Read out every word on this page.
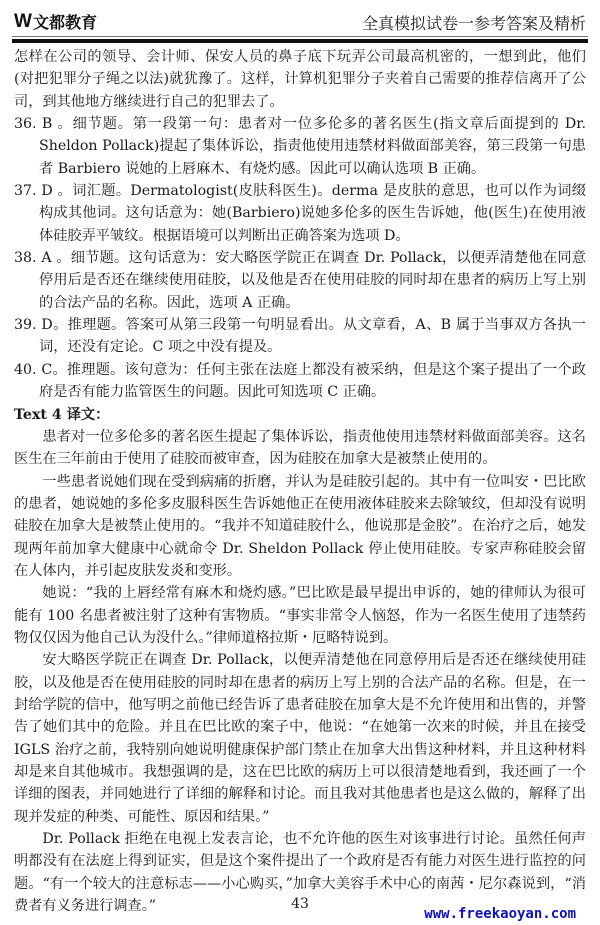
W 文都教育	全真模拟试卷一参考答案及精析

怎样在公司的领导、会计师、保安人员的鼻子底下玩弄公司最高机密的，一想到此，他们(对把犯罪分子绳之以法)就犹豫了。这样，计算机犯罪分子夹着自己需要的推荐信离开了公司，到其他地方继续进行自己的犯罪去了。

36. B 。细节题。第一段第一句：患者对一位多伦多的著名医生(指文章后面提到的 Dr. Sheldon Pollack)提起了集体诉讼，指责他使用违禁材料做面部美容，第三段第一句患者 Barbiero 说她的上唇麻木、有烧灼感。因此可以确认选项 B 正确。

37. D 。词汇题。Dermatologist(皮肤科医生)。derma 是皮肤的意思，也可以作为词缀构成其他词。这句话意为：她(Barbiero)说她多伦多的医生告诉她，他(医生)在使用液体硅胶弄平皱纹。根据语境可以判断出正确答案为选项 D。

38. A 。细节题。这句话意为：安大略医学院正在调查 Dr. Pollack，以便弄清楚他在同意停用后是否还在继续使用硅胶，以及他是否在使用硅胶的同时却在患者的病历上写上别的合法产品的名称。因此，选项 A 正确。

39. D。推理题。答案可从第三段第一句明显看出。从文章看，A、B 属于当事双方各执一词，还没有定论。C 项之中没有提及。

40. C。推理题。该句意为：任何主张在法庭上都没有被采纳，但是这个案子提出了一个政府是否有能力监管医生的问题。因此可知选项 C 正确。

Text 4 译文：

患者对一位多伦多的著名医生提起了集体诉讼，指责他使用违禁材料做面部美容。这名医生在三年前由于使用了硅胶而被审查，因为硅胶在加拿大是被禁止使用的。

一些患者说她们现在受到病痛的折磨，并认为是硅胶引起的。其中有一位叫安・巴比欧的患者，她说她的多伦多皮服科医生告诉她他正在使用液体硅胶来去除皱纹，但却没有说明硅胶在加拿大是被禁止使用的。“我并不知道硅胶什么，他说那是金胶”。在治疗之后，她发现两年前加拿大健康中心就命令 Dr. Sheldon Pollack 停止使用硅胶。专家声称硅胶会留在人体内，并引起皮肤发炎和变形。

她说：“我的上唇经常有麻木和烧灼感。”巴比欧是最早提出申诉的，她的律师认为很可能有 100 名患者被注射了这种有害物质。“事实非常令人恼怒，作为一名医生使用了违禁药物仅仅因为他自己认为没什么。”律师道格拉斯・厄略特说到。

安大略医学院正在调查 Dr. Pollack，以便弄清楚他在同意停用后是否还在继续使用硅胶，以及他是否在使用硅胶的同时却在患者的病历上写上别的合法产品的名称。但是，在一封给学院的信中，他写明之前他已经告诉了患者硅胶在加拿大是不允许使用和出售的，并警告了她们其中的危险。并且在巴比欧的案子中，他说：“在她第一次来的时候，并且在接受 IGLS 治疗之前，我特别向她说明健康保护部门禁止在加拿大出售这种材料，并且这种材料却是来自其他城市。我想强调的是，这在巴比欧的病历上可以很清楚地看到，我还画了一个详细的图表，并同她进行了详细的解释和讨论。而且我对其他患者也是这么做的，解释了出现并发症的种类、可能性、原因和结果。”

Dr. Pollack 拒绝在电视上发表言论，也不允许他的医生对该事进行讨论。虽然任何声明都没有在法庭上得到证实，但是这个案件提出了一个政府是否有能力对医生进行监控的问题。“有一个较大的注意标志——小心购买，”加拿大美容手术中心的南茜・尼尔森说到，“消费者有义务进行调查。”	43
www.freekaoyan.com
